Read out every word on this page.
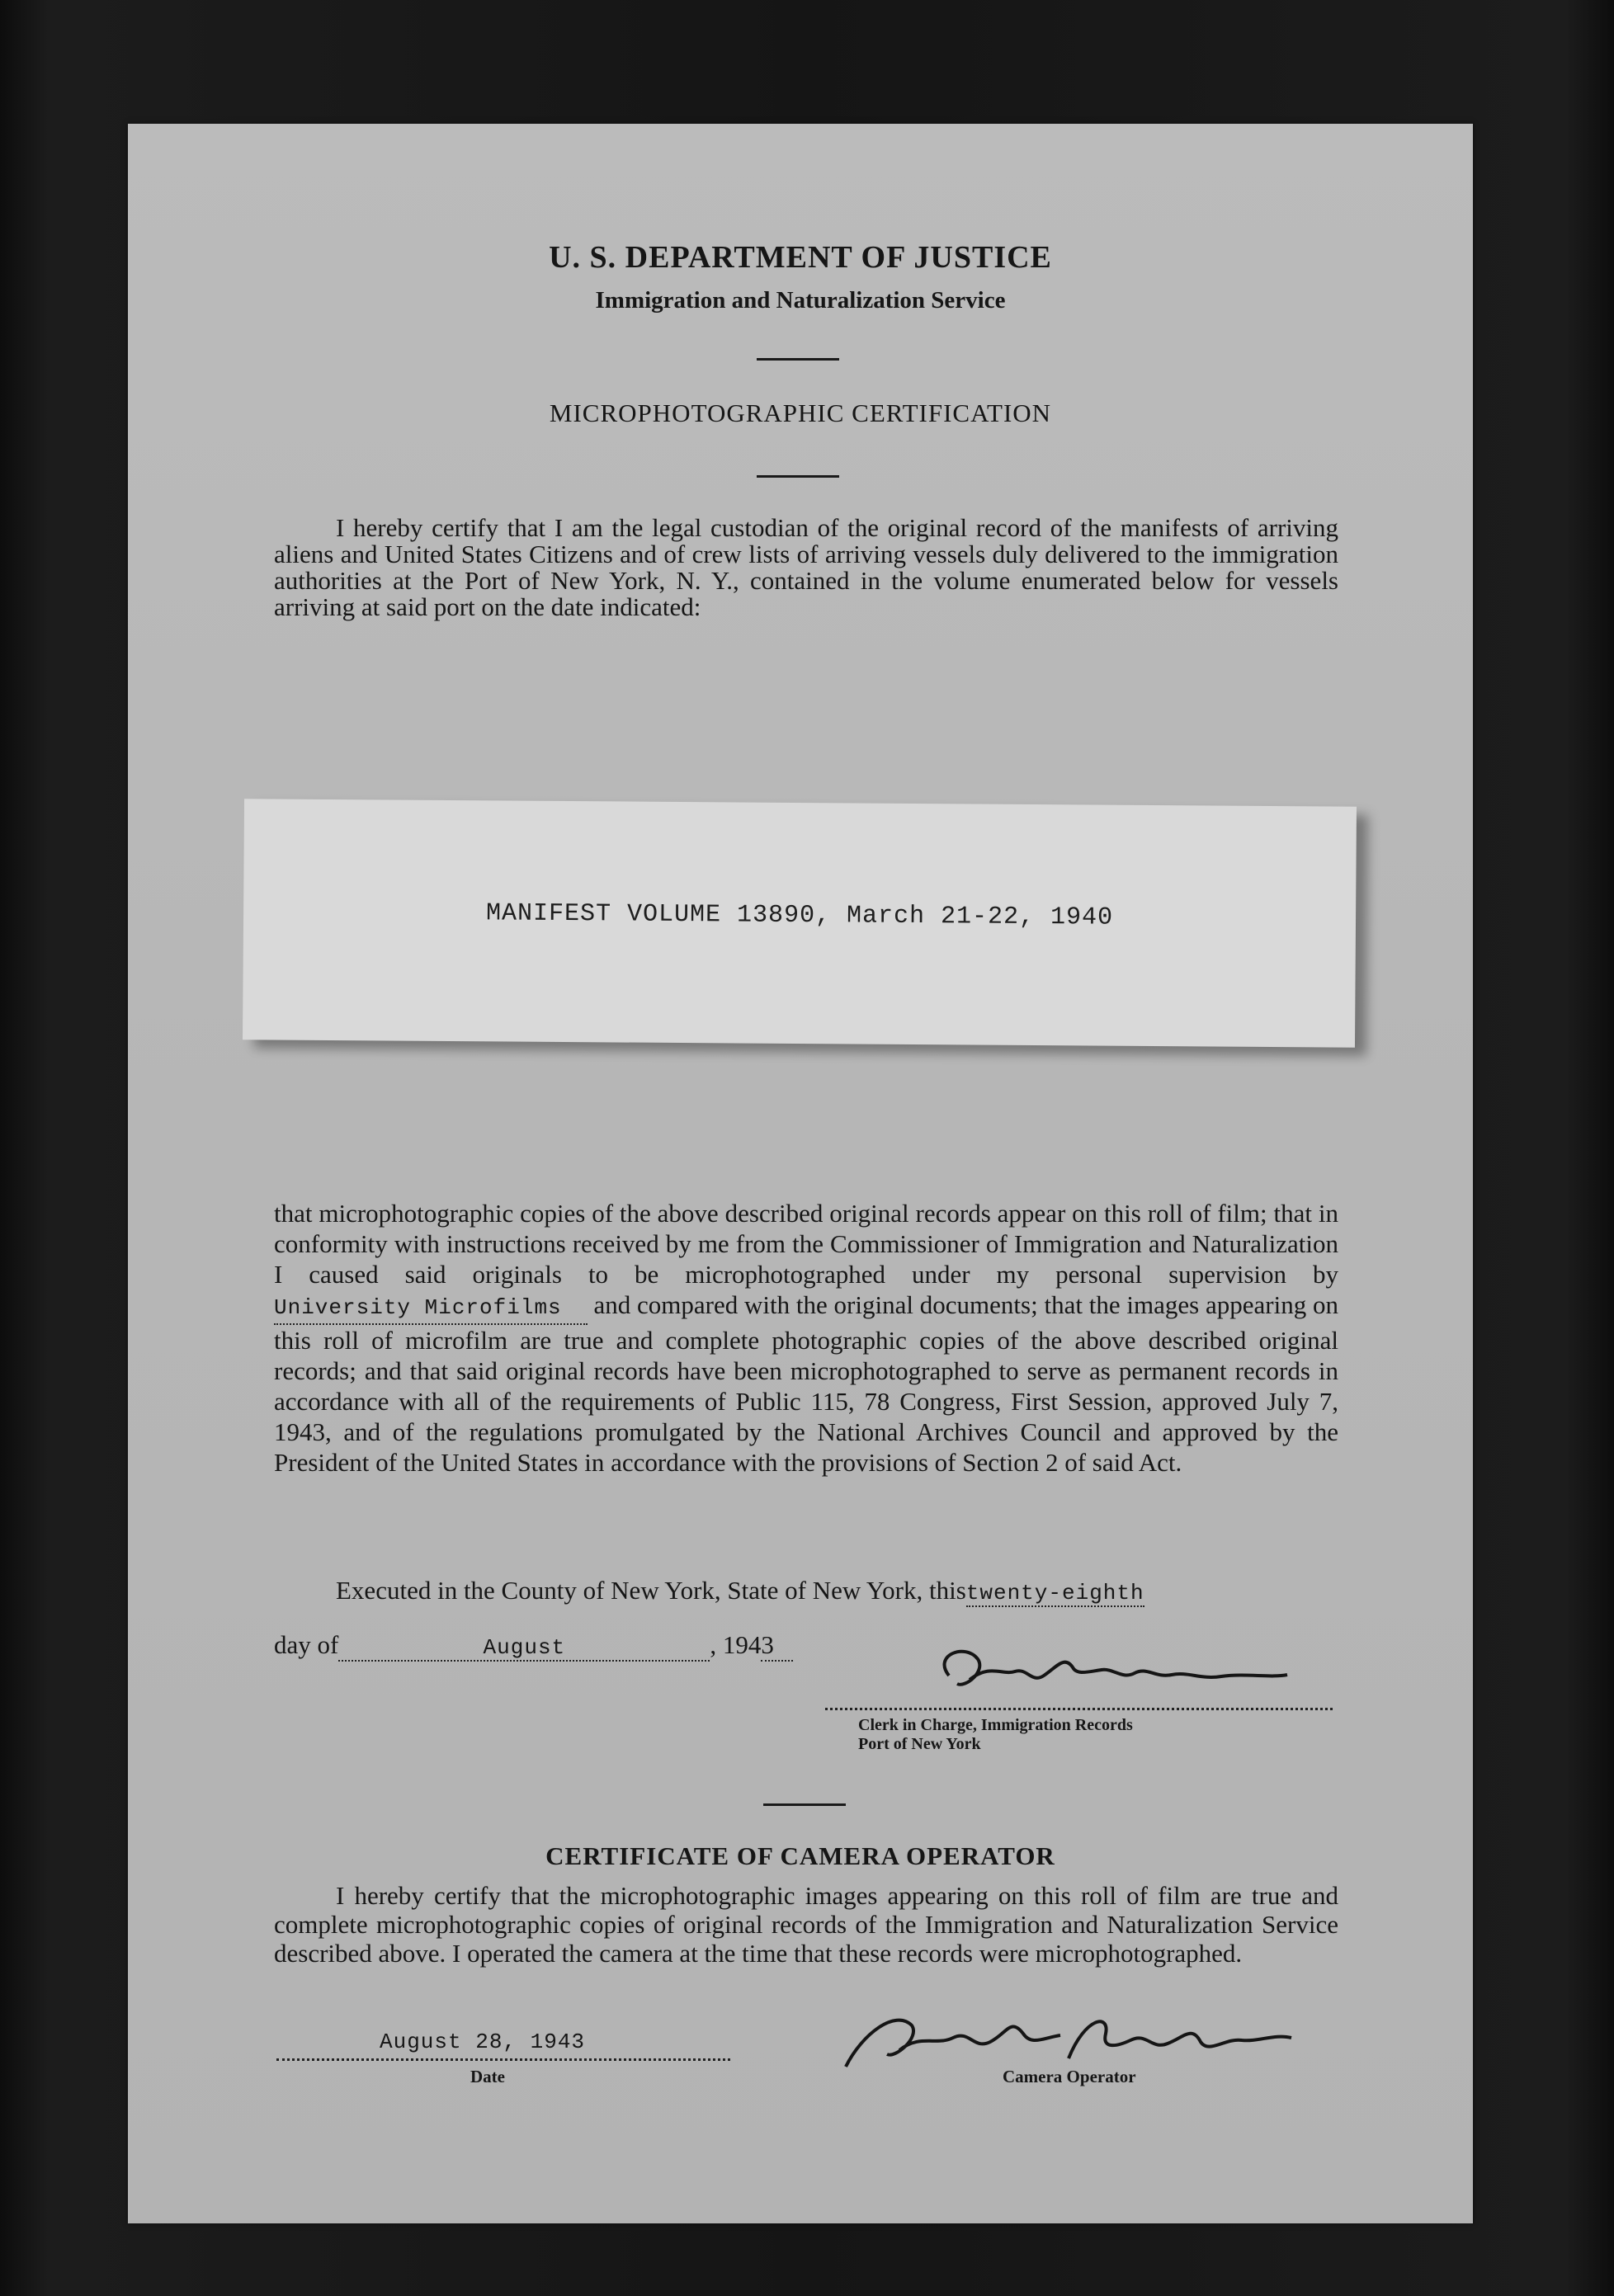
U. S. DEPARTMENT OF JUSTICE
Immigration and Naturalization Service
MICROPHOTOGRAPHIC CERTIFICATION
I hereby certify that I am the legal custodian of the original record of the manifests of arriving aliens and United States Citizens and of crew lists of arriving vessels duly delivered to the immigration authorities at the Port of New York, N. Y., contained in the volume enumerated below for vessels arriving at said port on the date indicated:
MANIFEST VOLUME 13890, March 21-22, 1940
that microphotographic copies of the above described original records appear on this roll of film; that in conformity with instructions received by me from the Commissioner of Immigration and Naturalization I caused said originals to be microphotographed under my personal supervision byUniversity Microfilms and compared with the original documents; that the images appearing on this roll of microfilm are true and complete photographic copies of the above described original records; and that said original records have been microphotographed to serve as permanent records in accordance with all of the requirements of Public 115, 78 Congress, First Session, approved July 7, 1943, and of the regulations promulgated by the National Archives Council and approved by the President of the United States in accordance with the provisions of Section 2 of said Act.
Executed in the County of New York, State of New York, thistwenty-eighth
day of	August	, 1943
Clerk in Charge, Immigration Records
Port of New York
CERTIFICATE OF CAMERA OPERATOR
I hereby certify that the microphotographic images appearing on this roll of film are true and complete microphotographic copies of original records of the Immigration and Naturalization Service described above. I operated the camera at the time that these records were microphotographed.
August 28, 1943
Date	Camera Operator
